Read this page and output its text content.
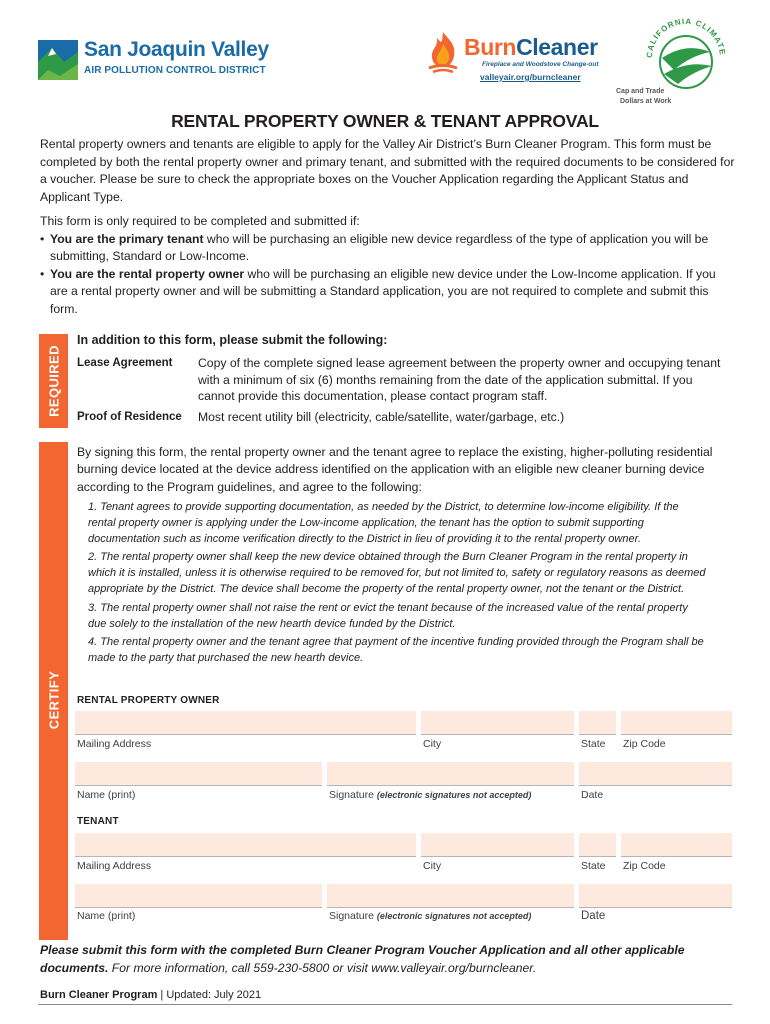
San Joaquin Valley
AIR POLLUTION CONTROL DISTRICT
BurnCleaner
Fireplace and Woodstove Change-out
valleyair.org/burncleaner
CALIFORNIA CLIMATE
Cap and Trade
Dollars at Work
RENTAL PROPERTY OWNER & TENANT APPROVAL

Rental property owners and tenants are eligible to apply for the Valley Air District’s Burn Cleaner Program. This form must be completed by both the rental property owner and primary tenant, and submitted with the required documents to be considered for a voucher. Please be sure to check the appropriate boxes on the Voucher Application regarding the Applicant Status and Applicant Type.

This form is only required to be completed and submitted if:
• You are the primary tenant who will be purchasing an eligible new device regardless of the type of application you will be submitting, Standard or Low-Income.
• You are the rental property owner who will be purchasing an eligible new device under the Low-Income application. If you are a rental property owner and will be submitting a Standard application, you are not required to complete and submit this form.
REQUIRED
In addition to this form, please submit the following:
Lease Agreement Copy of the complete signed lease agreement between the property owner and occupying tenant with a minimum of six (6) months remaining from the date of the application submittal. If you cannot provide this documentation, please contact program staff.
Proof of Residence Most recent utility bill (electricity, cable/satellite, water/garbage, etc.)
CERTIFY

By signing this form, the rental property owner and the tenant agree to replace the existing, higher-polluting residential burning device located at the device address identified on the application with an eligible new cleaner burning device according to the Program guidelines, and agree to the following:

1. Tenant agrees to provide supporting documentation, as needed by the District, to determine low-income eligibility. If the rental property owner is applying under the Low-income application, the tenant has the option to submit supporting documentation such as income verification directly to the District in lieu of providing it to the rental property owner.
2. The rental property owner shall keep the new device obtained through the Burn Cleaner Program in the rental property in which it is installed, unless it is otherwise required to be removed for, but not limited to, safety or regulatory reasons as deemed appropriate by the District. The device shall become the property of the rental property owner, not the tenant or the District.
3. The rental property owner shall not raise the rent or evict the tenant because of the increased value of the rental property due solely to the installation of the new hearth device funded by the District.
4. The rental property owner and the tenant agree that payment of the incentive funding provided through the Program shall be made to the party that purchased the new hearth device.
RENTAL PROPERTY OWNER
Mailing Address	City	State Zip Code
Name (print)	Signature (electronic signatures not accepted)	Date
TENANT
Mailing Address	City	State Zip Code
Name (print)	Signature (electronic signatures not accepted)	Date

Please submit this form with the completed Burn Cleaner Program Voucher Application and all other applicable documents. For more information, call 559-230-5800 or visit www.valleyair.org/burncleaner.

Burn Cleaner Program | Updated: July 2021
